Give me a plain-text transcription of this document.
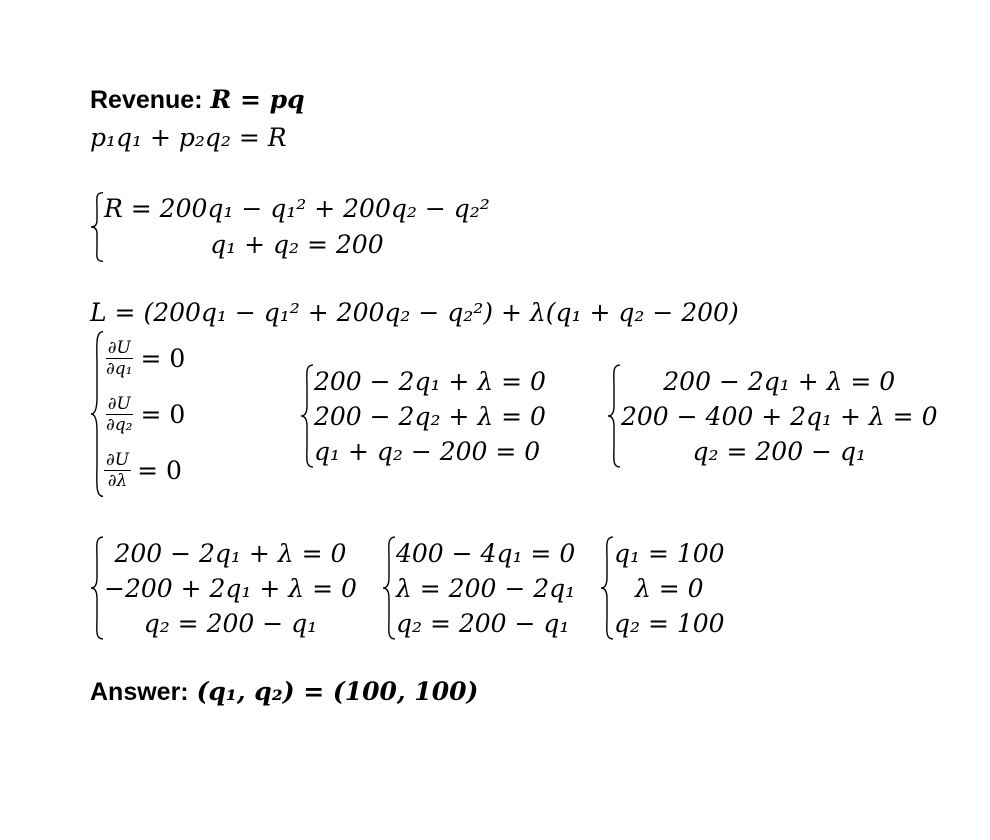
Revenue: R = pq
p₁q₁ + p₂q₂ = R
R = 200q₁ − q₁² + 200q₂ − q₂²
q₁ + q₂ = 200
L = (200q₁ − q₁² + 200q₂ − q₂²) + λ(q₁ + q₂ − 200)
$\frac{\partial U}{\text{∂q₁}} = 0$
$\frac{\partial U}{\text{∂q₂}} = 0$
$\frac{\partial U}{\partial\lambda} = 0$
200 − 2q₁ + λ = 0
200 − 2q₂ + λ = 0
q₁ + q₂ − 200 = 0
200 − 2q₁ + λ = 0
200 − 400 + 2q₁ + λ = 0
q₂ = 200 − q₁
200 − 2q₁ + λ = 0
−200 + 2q₁ + λ = 0
q₂ = 200 − q₁
400 − 4q₁ = 0
λ = 200 − 2q₁
q₂ = 200 − q₁
q₁ = 100
λ = 0
q₂ = 100
Answer: (q₁, q₂) = (100, 100)
